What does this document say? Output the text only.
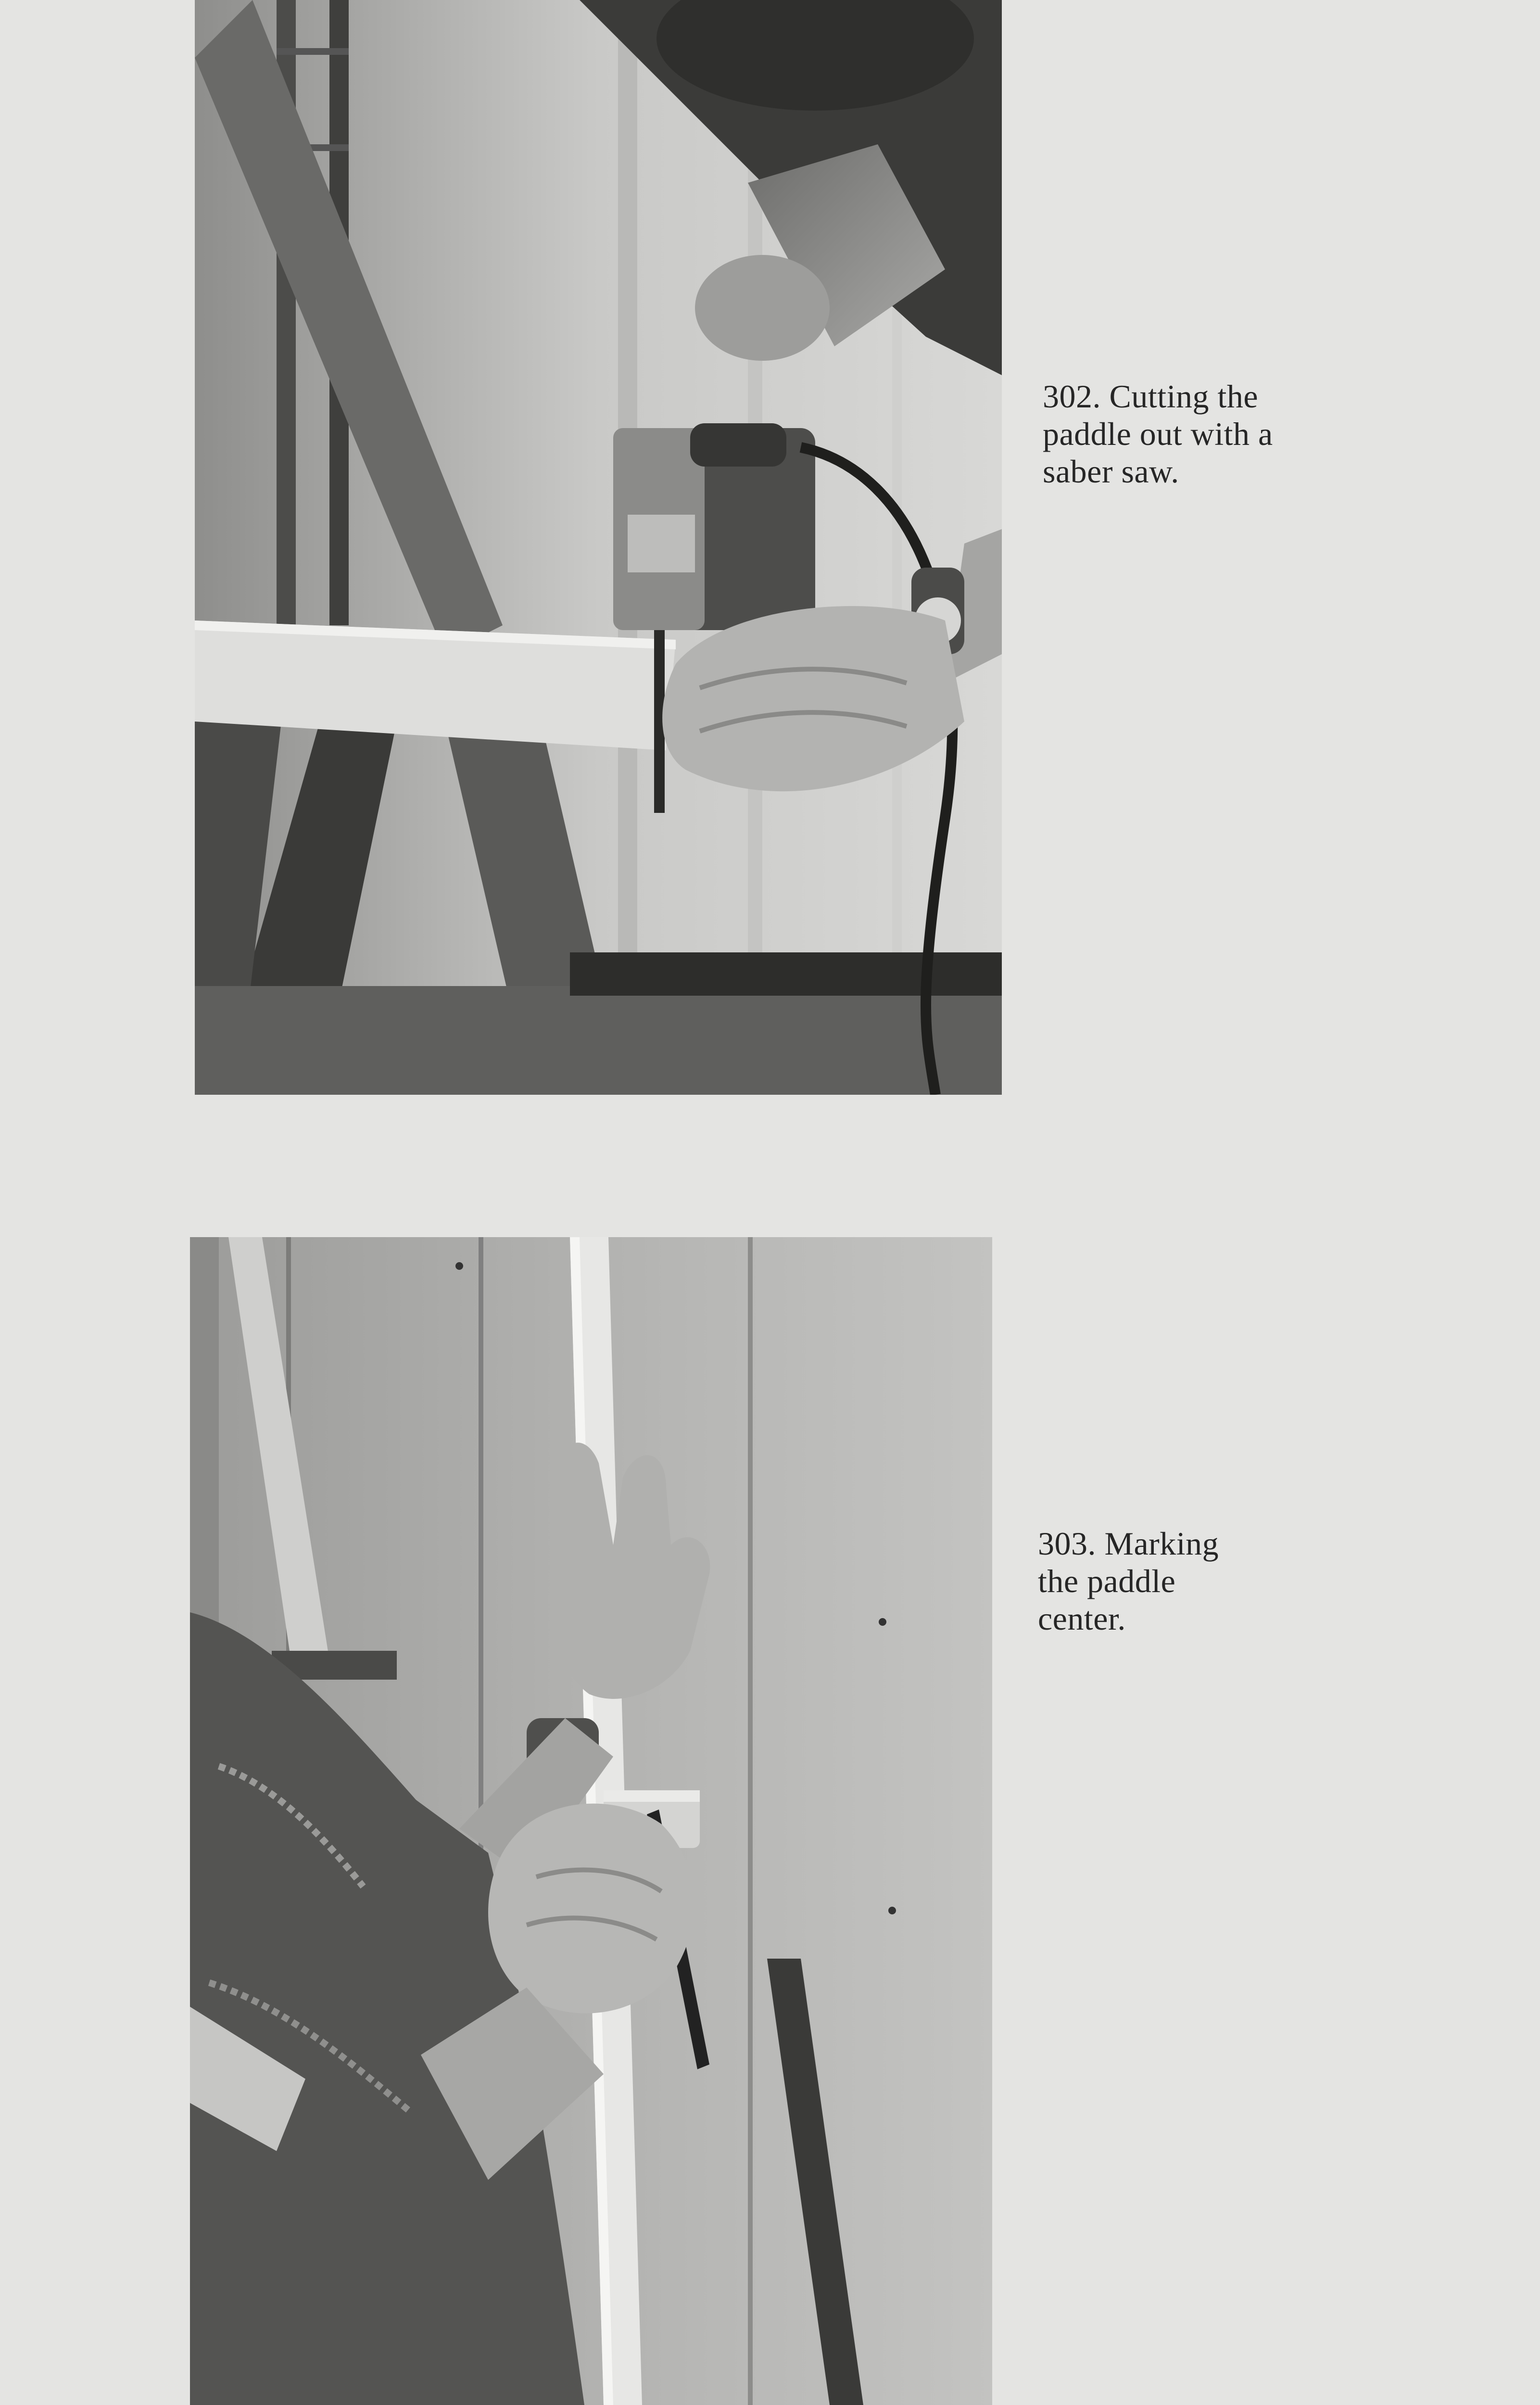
302. Cutting the
paddle out with a
saber saw.
303. Marking
the paddle
center.
